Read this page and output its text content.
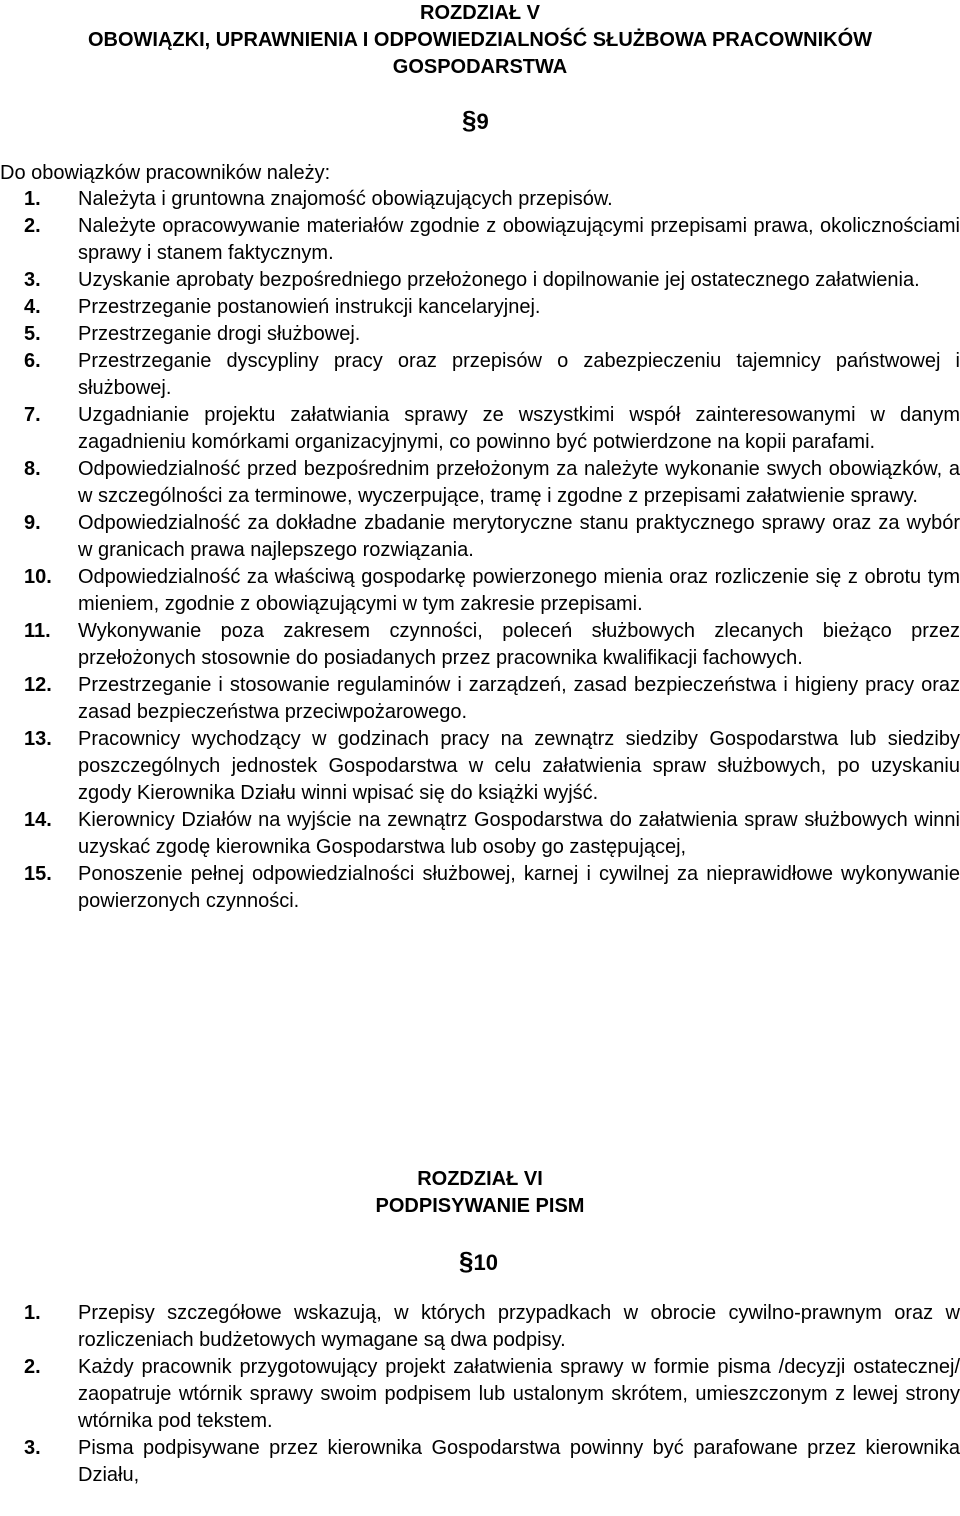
ROZDZIAŁ V

OBOWIĄZKI, UPRAWNIENIA I ODPOWIEDZIALNOŚĆ SŁUŻBOWA PRACOWNIKÓW

GOSPODARSTWA

§9
Do obowiązków pracowników należy:
1. Należyta i gruntowna znajomość obowiązujących przepisów.
2. Należyte opracowywanie materiałów zgodnie z obowiązującymi przepisami prawa, okolicznościami sprawy i stanem faktycznym.
3. Uzyskanie aprobaty bezpośredniego przełożonego i dopilnowanie jej ostatecznego załatwienia.
4. Przestrzeganie postanowień instrukcji kancelaryjnej.
5. Przestrzeganie drogi służbowej.
6. Przestrzeganie dyscypliny pracy oraz przepisów o zabezpieczeniu tajemnicy państwowej i służbowej.
7. Uzgadnianie projektu załatwiania sprawy ze wszystkimi współ zainteresowanymi w danym zagadnieniu komórkami organizacyjnymi, co powinno być potwierdzone na kopii parafami.
8. Odpowiedzialność przed bezpośrednim przełożonym za należyte wykonanie swych obowiązków, a w szczególności za terminowe, wyczerpujące, tramę i zgodne z przepisami załatwienie sprawy.
9. Odpowiedzialność za dokładne zbadanie merytoryczne stanu praktycznego sprawy oraz za wybór w granicach prawa najlepszego rozwiązania.
10. Odpowiedzialność za właściwą gospodarkę powierzonego mienia oraz rozliczenie się z obrotu tym mieniem, zgodnie z obowiązującymi w tym zakresie przepisami.
11. Wykonywanie poza zakresem czynności, poleceń służbowych zlecanych bieżąco przez przełożonych stosownie do posiadanych przez pracownika kwalifikacji fachowych.
12. Przestrzeganie i stosowanie regulaminów i zarządzeń, zasad bezpieczeństwa i higieny pracy oraz zasad bezpieczeństwa przeciwpożarowego.
13. Pracownicy wychodzący w godzinach pracy na zewnątrz siedziby Gospodarstwa lub siedziby poszczególnych jednostek Gospodarstwa w celu załatwienia spraw służbowych, po uzyskaniu zgody Kierownika Działu winni wpisać się do książki wyjść.
14. Kierownicy Działów na wyjście na zewnątrz Gospodarstwa do załatwienia spraw służbowych winni uzyskać zgodę kierownika Gospodarstwa lub osoby go zastępującej,
15. Ponoszenie pełnej odpowiedzialności służbowej, karnej i cywilnej za nieprawidłowe wykonywanie powierzonych czynności.

ROZDZIAŁ VI

PODPISYWANIE PISM

§10
1. Przepisy szczegółowe wskazują, w których przypadkach w obrocie cywilno-prawnym oraz w rozliczeniach budżetowych wymagane są dwa podpisy.
2. Każdy pracownik przygotowujący projekt załatwienia sprawy w formie pisma /decyzji ostatecznej/ zaopatruje wtórnik sprawy swoim podpisem lub ustalonym skrótem, umieszczonym z lewej strony wtórnika pod tekstem.
3. Pisma podpisywane przez kierownika Gospodarstwa powinny być parafowane przez kierownika Działu,
